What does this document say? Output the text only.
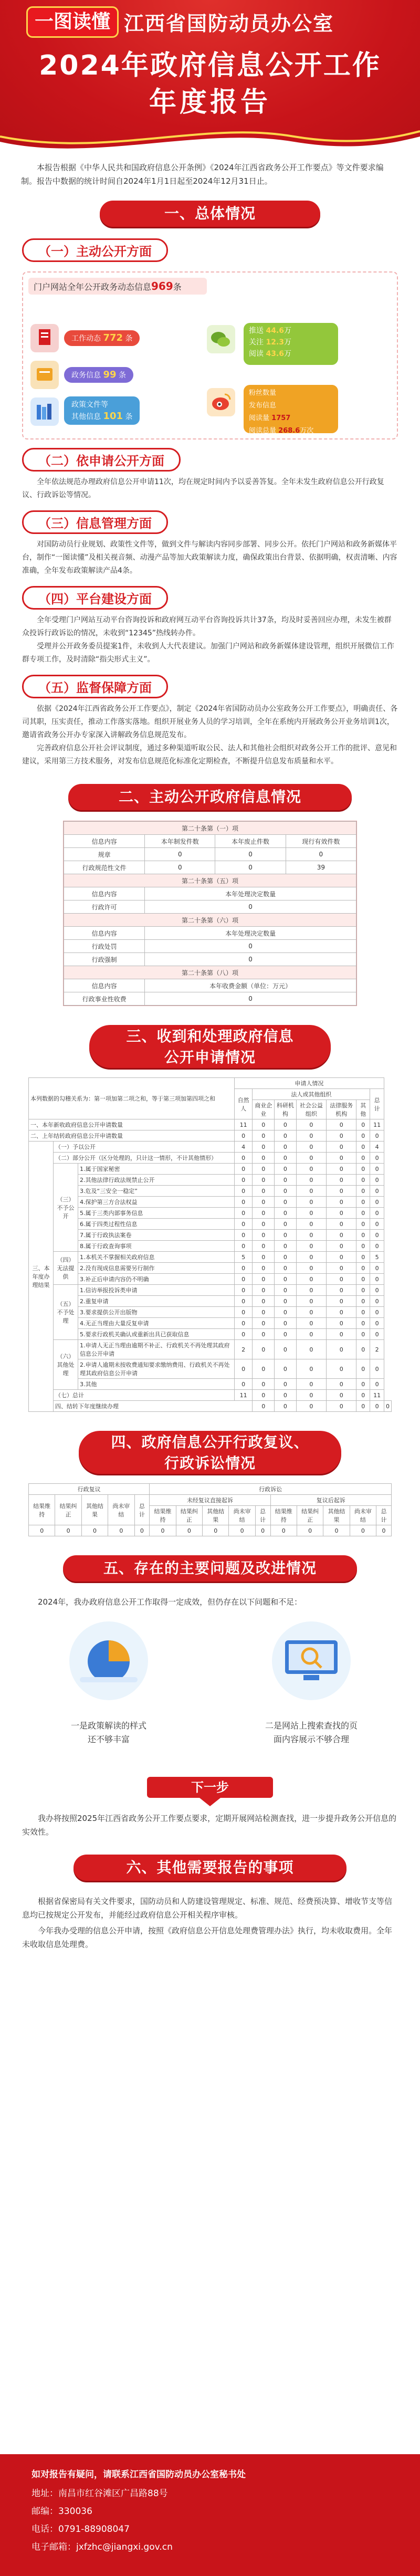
一图读懂 江西省国防动员办公室
2024年政府信息公开工作
年度报告
本报告根据《中华人民共和国政府信息公开条例》《2024年江西省政务公开工作要点》等文件要求编制。报告中数据的统计时间自2024年1月1日起至2024年12月31日止。
一、总体情况
（一）主动公开方面
门户网站全年公开政务动态信息969条
工作动态 772 条
政务信息 99 条
政策文件等
其他信息 101 条
推送 44.6万
关注 12.3万
阅读 43.6万
粉丝数量
发布信息
阅读量 1757
阅读总量 268.6万次
（二）依申请公开方面
全年依法规范办理政府信息公开申请11次，均在规定时间内予以妥善答复。全年未发生政府信息公开行政复议、行政诉讼等情况。
（三）信息管理方面
对国防动员行业规划、政策性文件等，做到文件与解读内容同步部署、同步公开。依托门户网站和政务新媒体平台，制作“一图读懂”及相关视音频、动漫产品等加大政策解读力度，确保政策出台背景、依据明确，权责清晰、内容准确，全年发布政策解读产品4条。
（四）平台建设方面
全年受理门户网站互动平台咨询投诉和政府网互动平台咨询投诉共计37条，均及时妥善回应办理，未发生被群众投诉行政诉讼的情况，未收到“12345”热线转办件。
受理并公开政务委员提案1件，未收到人大代表建议。加强门户网站和政务新媒体建设管理，组织开展微信工作群专项工作，及时清除“指尖形式主义”。
（五）监督保障方面
依据《2024年江西省政务公开工作要点》，制定《2024年省国防动员办公室政务公开工作要点》，明确责任、各司其职，压实责任，推动工作落实落地。组织开展业务人员的学习培训，全年在系统内开展政务公开业务培训1次，邀请省政务公开办专家深入讲解政务信息规范发布。
完善政府信息公开社会评议制度，通过多种渠道听取公民、法人和其他社会组织对政务公开工作的批评、意见和建议，采用第三方技术服务，对发布信息规范化标准化定期检查，不断提升信息发布质量和水平。
二、主动公开政府信息情况
第二十条第（一）项			
信息内容	本年制发件数	本年废止件数	现行有效件数
规章	0	0	0
行政规范性文件	0	0	39
第二十条第（五）项			
信息内容	本年处理决定数量		
行政许可	0		
第二十条第（六）项			
信息内容	本年处理决定数量		
行政处罚	0		
行政强制	0		
第二十条第（八）项			
信息内容	本年收费金额（单位：万元）		
行政事业性收费	0		
三、收到和处理政府信息
公开申请情况
本列数据的勾稽关系为：第一项加第二项之和，等于第三项加第四项之和			申请人情况							
			自然人	法人或其他组织					总计	
				商业企业	科研机构	社会公益组织	法律服务机构	其他		
一、本年新收政府信息公开申请数量			11	0	0	0	0	0	11	
二、上年结转政府信息公开申请数量			0	0	0	0	0	0	0	
三、本年度办理结果	（一）予以公开		4	0	0	0	0	0	4	
	（二）部分公开（区分处理的，只计这一情形，不计其他情形）		0	0	0	0	0	0	0	
	（三）不予公开	1.属于国家秘密	0	0	0	0	0	0	0	
		2.其他法律行政法规禁止公开	0	0	0	0	0	0	0	
		3.危及“三安全一稳定”	0	0	0	0	0	0	0	
		4.保护第三方合法权益	0	0	0	0	0	0	0	
		5.属于三类内部事务信息	0	0	0	0	0	0	0	
		6.属于四类过程性信息	0	0	0	0	0	0	0	
		7.属于行政执法案卷	0	0	0	0	0	0	0	
		8.属于行政查询事项	0	0	0	0	0	0	0	
	（四）无法提供	1.本机关不掌握相关政府信息	5	0	0	0	0	0	5	
		2.没有现成信息需要另行制作	0	0	0	0	0	0	0	
		3.补正后申请内容仍不明确	0	0	0	0	0	0	0	
	（五）不予处理	1.信访举报投诉类申请	0	0	0	0	0	0	0	
		2.重复申请	0	0	0	0	0	0	0	
		3.要求提供公开出版物	0	0	0	0	0	0	0	
		4.无正当理由大量反复申请	0	0	0	0	0	0	0	
		5.要求行政机关确认或重新出具已获取信息	0	0	0	0	0	0	0	
	（六）其他处理	1.申请人无正当理由逾期不补正、行政机关不再处理其政府信息公开申请	2	0	0	0	0	0	2	
		2.申请人逾期未按收费通知要求缴纳费用、行政机关不再处理其政府信息公开申请	0	0	0	0	0	0	0	
		3.其他	0	0	0	0	0	0	0	
	（七）总计		11	0	0	0	0	0	11	
	四、结转下年度继续办理			0	0	0	0	0	0	0
四、政府信息公开行政复议、
行政诉讼情况
行政复议					行政诉讼									
结果维持	结果纠正	其他结果	尚未审结	总计	未经复议直接起诉					复议后起诉				
					结果维持	结果纠正	其他结果	尚未审结	总计	结果维持	结果纠正	其他结果	尚未审结	总计
0	0	0	0	0	0	0	0	0	0	0	0	0	0	0
五、存在的主要问题及改进情况
2024年，我办政府信息公开工作取得一定成效，但仍存在以下问题和不足：
一是政策解读的样式
还不够丰富
二是网站上搜索查找的页
面内容展示不够合理
下一步
我办将按照2025年江西省政务公开工作要点要求，定期开展网站检测查找，进一步提升政务公开信息的实效性。
六、其他需要报告的事项
根据省保密局有关文件要求，国防动员和人防建设管理规定、标准、规范、经费预决算、增收节支等信息均已按规定公开发布，并能经过政府信息公开相关程序审核。
今年我办受理的信息公开申请，按照《政府信息公开信息处理费管理办法》执行，均未收取费用。全年未收取信息处理费。
如对报告有疑问，请联系江西省国防动员办公室秘书处
地址：南昌市红谷滩区广昌路88号
邮编：330036
电话：0791-88908047
电子邮箱：jxfzhc@jiangxi.gov.cn
